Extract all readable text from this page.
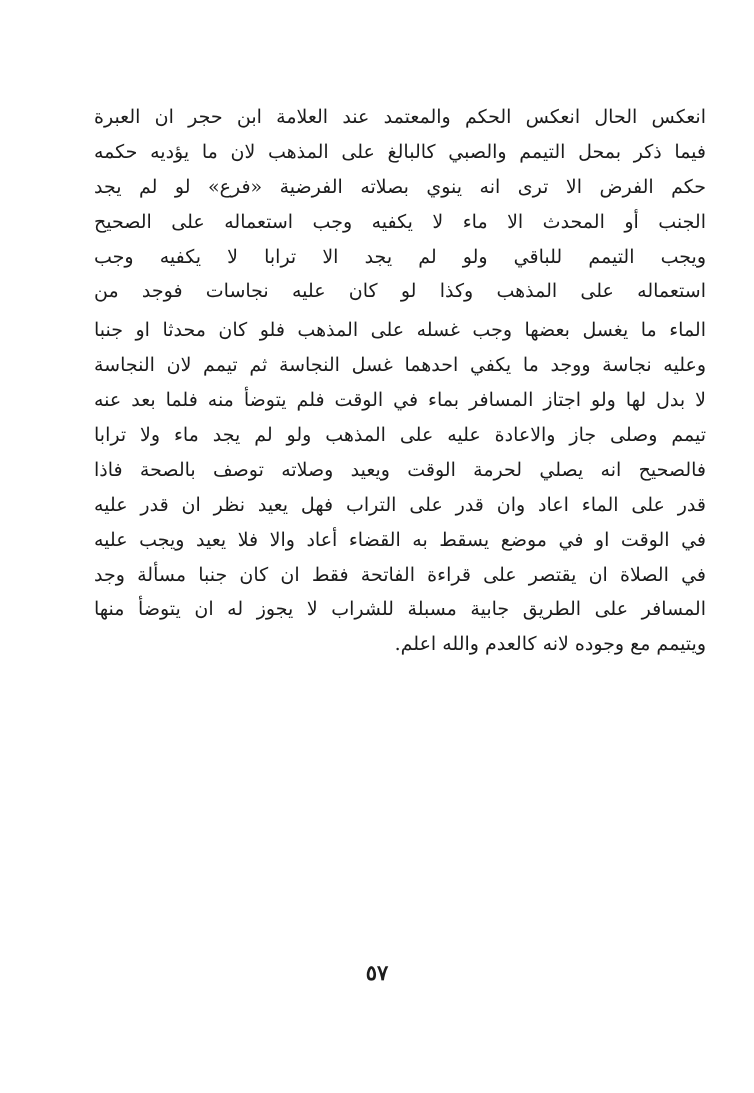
انعكس الحال انعكس الحكم والمعتمد عند العلامة ابن حجر ان العبرة
فيما ذكر بمحل التيمم والصبي كالبالغ على المذهب لان ما يؤديه حكمه
حكم الفرض الا ترى انه ينوي بصلاته الفرضية «فرع» لو لم يجد
الجنب أو المحدث الا ماء لا يكفيه وجب استعماله على الصحيح
ويجب التيمم للباقي ولو لم يجد الا ترابا لا يكفيه وجب
استعماله على المذهب وكذا لو كان عليه نجاسات فوجد من
الماء ما يغسل بعضها وجب غسله على المذهب فلو كان محدثا او جنبا
وعليه نجاسة ووجد ما يكفي احدهما غسل النجاسة ثم تيمم لان النجاسة
لا بدل لها ولو اجتاز المسافر بماء في الوقت فلم يتوضأ منه فلما بعد عنه
تيمم وصلى جاز والاعادة عليه على المذهب ولو لم يجد ماء ولا ترابا
فالصحيح انه يصلي لحرمة الوقت ويعيد وصلاته توصف بالصحة فاذا
قدر على الماء اعاد وان قدر على التراب فهل يعيد نظر ان قدر عليه
في الوقت او في موضع يسقط به القضاء أعاد والا فلا يعيد ويجب عليه
في الصلاة ان يقتصر على قراءة الفاتحة فقط ان كان جنبا مسألة وجد
المسافر على الطريق جابية مسبلة للشراب لا يجوز له ان يتوضأ منها
ويتيمم مع وجوده لانه كالعدم والله اعلم.
٥٧
